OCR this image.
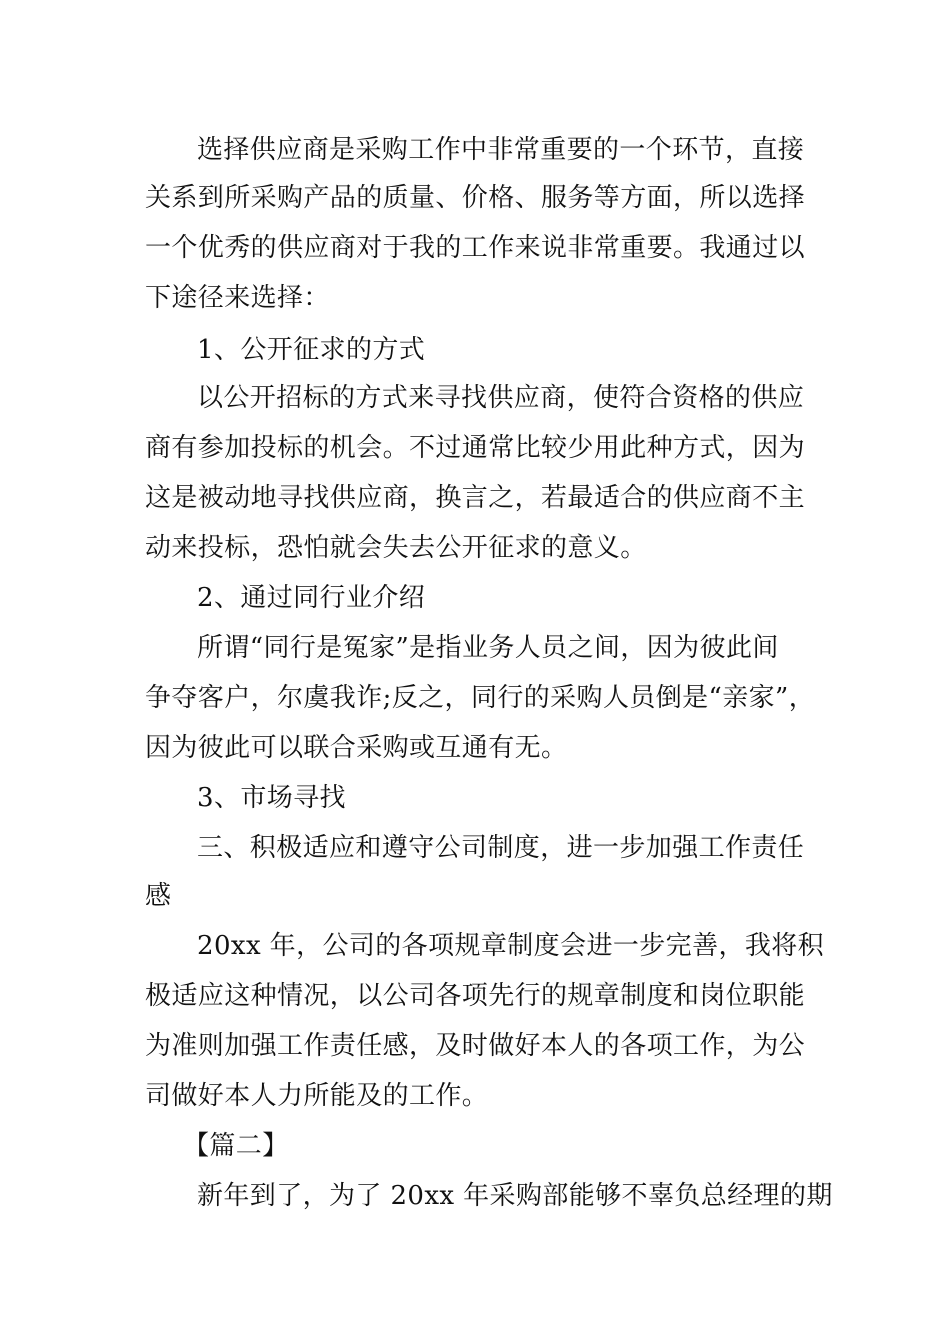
选择供应商是采购工作中非常重要的一个环节，直接
关系到所采购产品的质量、价格、服务等方面，所以选择
一个优秀的供应商对于我的工作来说非常重要。我通过以
下途径来选择：
1、公开征求的方式
以公开招标的方式来寻找供应商，使符合资格的供应
商有参加投标的机会。不过通常比较少用此种方式，因为
这是被动地寻找供应商，换言之，若最适合的供应商不主
动来投标，恐怕就会失去公开征求的意义。
2、通过同行业介绍
所谓“同行是冤家”是指业务人员之间，因为彼此间
争夺客户，尔虞我诈;反之，同行的采购人员倒是“亲家”，
因为彼此可以联合采购或互通有无。
3、市场寻找
三、积极适应和遵守公司制度，进一步加强工作责任
感
20xx 年，公司的各项规章制度会进一步完善，我将积
极适应这种情况，以公司各项先行的规章制度和岗位职能
为准则加强工作责任感，及时做好本人的各项工作，为公
司做好本人力所能及的工作。
【篇二】
新年到了，为了 20xx 年采购部能够不辜负总经理的期
